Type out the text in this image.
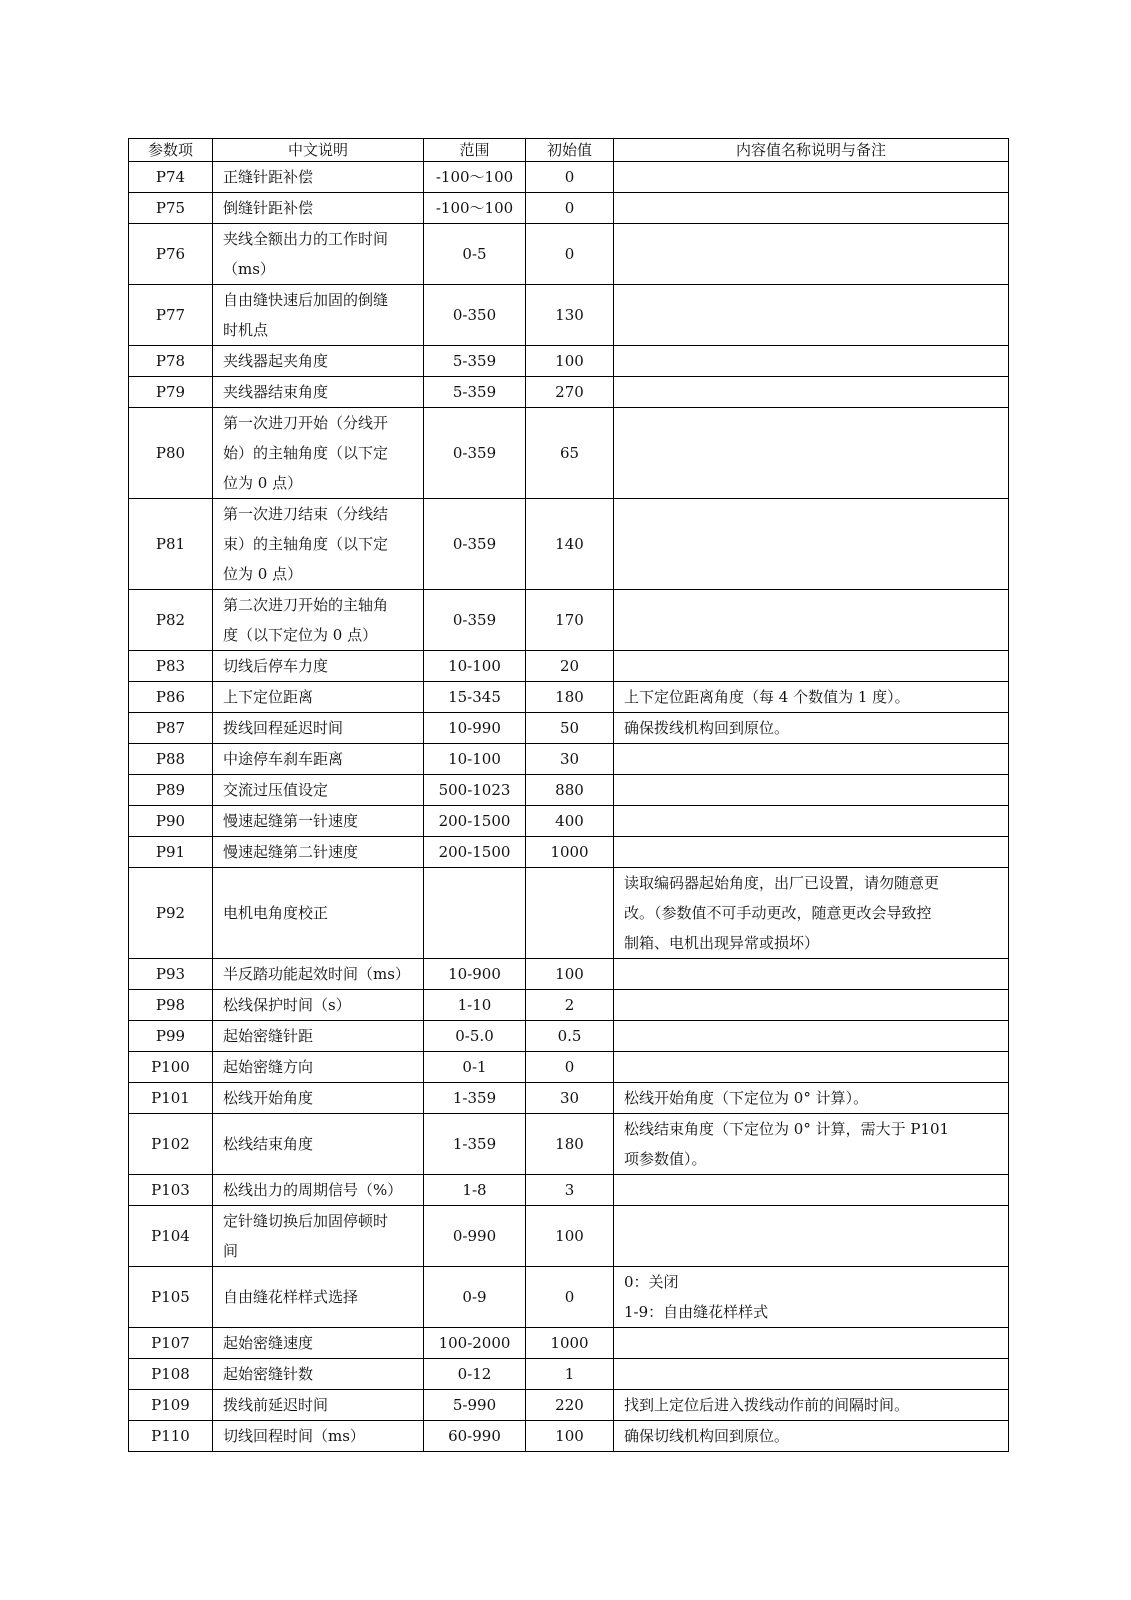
参数项	中文说明	范围	初始值	内容值名称说明与备注
P74	正缝针距补偿	-100～100	0	

P75	倒缝针距补偿	-100～100	0	

P76	夹线全额出力的工作时间
（ms）	0-5	0	

P77	自由缝快速后加固的倒缝
时机点	0-350	130	

P78	夹线器起夹角度	5-359	100	

P79	夹线器结束角度	5-359	270	

P80	第一次进刀开始（分线开
始）的主轴角度（以下定
位为 0 点）	0-359	65	

P81	第一次进刀结束（分线结
束）的主轴角度（以下定
位为 0 点）	0-359	140	

P82	第二次进刀开始的主轴角
度（以下定位为 0 点）	0-359	170	

P83	切线后停车力度	10-100	20	

P86	上下定位距离	15-345	180	上下定位距离角度（每 4 个数值为 1 度）。

P87	拨线回程延迟时间	10-990	50	确保拨线机构回到原位。

P88	中途停车刹车距离	10-100	30	

P89	交流过压值设定	500-1023	880	

P90	慢速起缝第一针速度	200-1500	400	

P91	慢速起缝第二针速度	200-1500	1000	

P92	电机电角度校正			读取编码器起始角度，出厂已设置，请勿随意更
改。（参数值不可手动更改，随意更改会导致控
制箱、电机出现异常或损坏）

P93	半反踏功能起效时间（ms）	10-900	100	

P98	松线保护时间（s）	1-10	2	

P99	起始密缝针距	0-5.0	0.5	

P100	起始密缝方向	0-1	0	

P101	松线开始角度	1-359	30	松线开始角度（下定位为 0° 计算）。

P102	松线结束角度	1-359	180	松线结束角度（下定位为 0° 计算，需大于 P101
项参数值）。

P103	松线出力的周期信号（%）	1-8	3	

P104	定针缝切换后加固停顿时
间	0-990	100	

P105	自由缝花样样式选择	0-9	0	0：关闭
1-9：自由缝花样样式

P107	起始密缝速度	100-2000	1000	

P108	起始密缝针数	0-12	1	

P109	拨线前延迟时间	5-990	220	找到上定位后进入拨线动作前的间隔时间。

P110	切线回程时间（ms）	60-990	100	确保切线机构回到原位。
